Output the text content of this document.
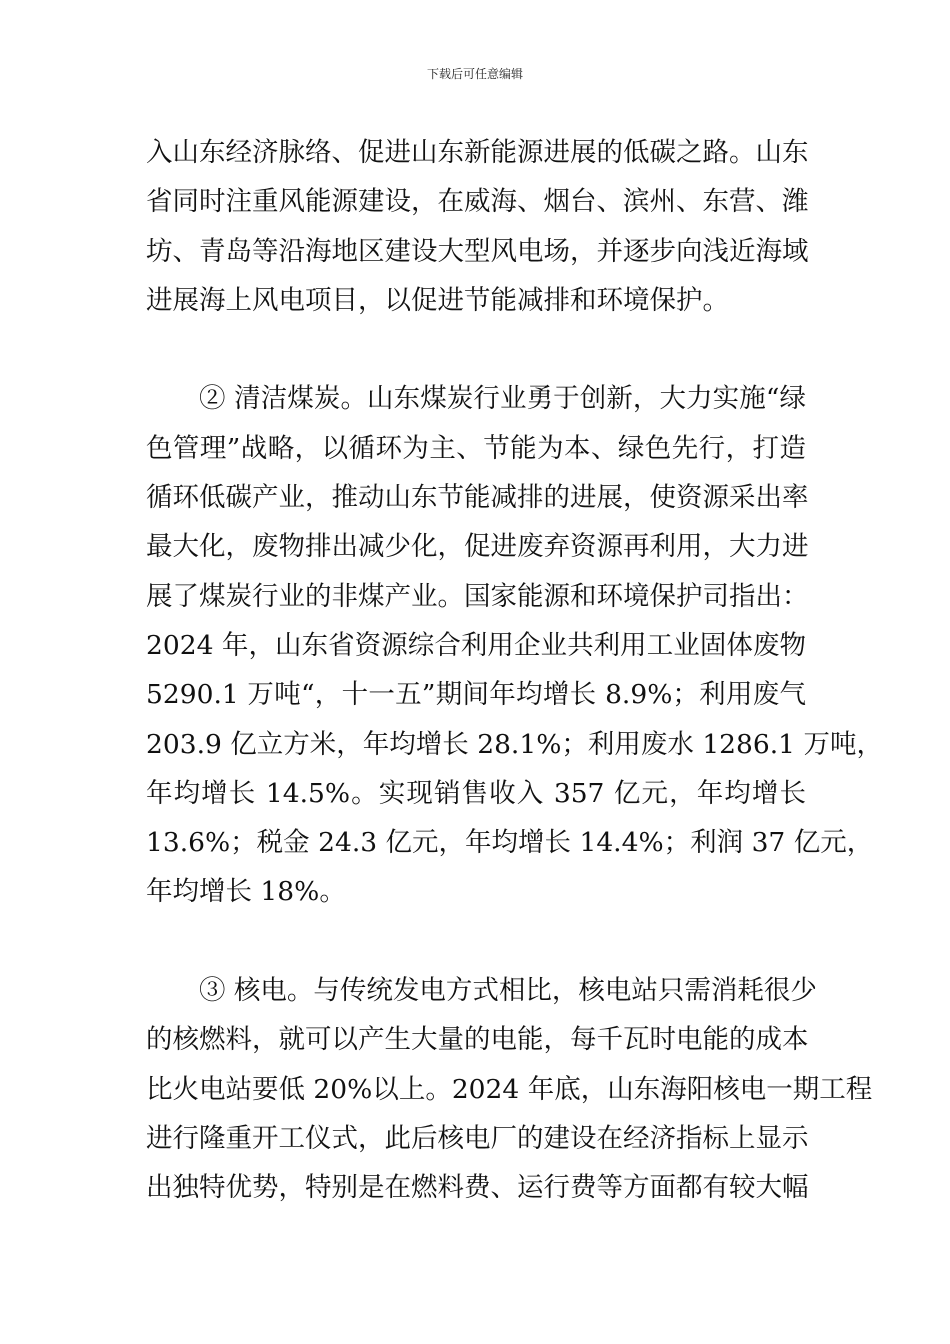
下载后可任意编辑
入山东经济脉络、促进山东新能源进展的低碳之路。山东
省同时注重风能源建设，在威海、烟台、滨州、东营、潍
坊、青岛等沿海地区建设大型风电场，并逐步向浅近海域
进展海上风电项目，以促进节能减排和环境保护。
② 清洁煤炭。山东煤炭行业勇于创新，大力实施“绿
色管理”战略，以循环为主、节能为本、绿色先行，打造
循环低碳产业，推动山东节能减排的进展，使资源采出率
最大化，废物排出减少化，促进废弃资源再利用，大力进
展了煤炭行业的非煤产业。国家能源和环境保护司指出：
2024 年，山东省资源综合利用企业共利用工业固体废物
5290.1 万吨“，十一五”期间年均增长 8.9%；利用废气
203.9 亿立方米，年均增长 28.1%；利用废水 1286.1 万吨，
年均增长 14.5%。实现销售收入 357 亿元，年均增长
13.6%；税金 24.3 亿元，年均增长 14.4%；利润 37 亿元，
年均增长 18%。
③ 核电。与传统发电方式相比，核电站只需消耗很少
的核燃料，就可以产生大量的电能，每千瓦时电能的成本
比火电站要低 20%以上。2024 年底，山东海阳核电一期工程
进行隆重开工仪式，此后核电厂的建设在经济指标上显示
出独特优势，特别是在燃料费、运行费等方面都有较大幅
